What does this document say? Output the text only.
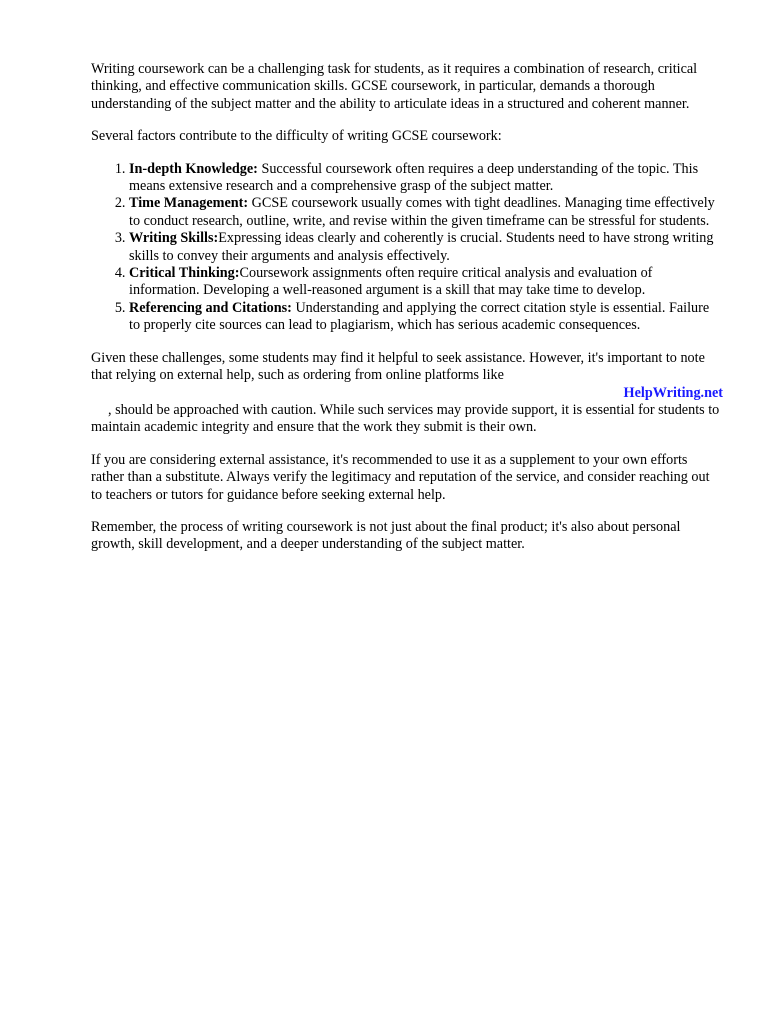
Writing coursework can be a challenging task for students, as it requires a combination of research, critical thinking, and effective communication skills. GCSE coursework, in particular, demands a thorough understanding of the subject matter and the ability to articulate ideas in a structured and coherent manner.

Several factors contribute to the difficulty of writing GCSE coursework:

1. In-depth Knowledge: Successful coursework often requires a deep understanding of the topic. This means extensive research and a comprehensive grasp of the subject matter.
2. Time Management: GCSE coursework usually comes with tight deadlines. Managing time effectively to conduct research, outline, write, and revise within the given timeframe can be stressful for students.
3. Writing Skills:Expressing ideas clearly and coherently is crucial. Students need to have strong writing skills to convey their arguments and analysis effectively.
4. Critical Thinking:Coursework assignments often require critical analysis and evaluation of information. Developing a well-reasoned argument is a skill that may take time to develop.
5. Referencing and Citations: Understanding and applying the correct citation style is essential. Failure to properly cite sources can lead to plagiarism, which has serious academic consequences.

Given these challenges, some students may find it helpful to seek assistance. However, it's important to note that relying on external help, such as ordering from online platforms like

HelpWriting.net

, should be approached with caution. While such services may provide support, it is essential for students to maintain academic integrity and ensure that the work they submit is their own.

If you are considering external assistance, it's recommended to use it as a supplement to your own efforts rather than a substitute. Always verify the legitimacy and reputation of the service, and consider reaching out to teachers or tutors for guidance before seeking external help.

Remember, the process of writing coursework is not just about the final product; it's also about personal growth, skill development, and a deeper understanding of the subject matter.
